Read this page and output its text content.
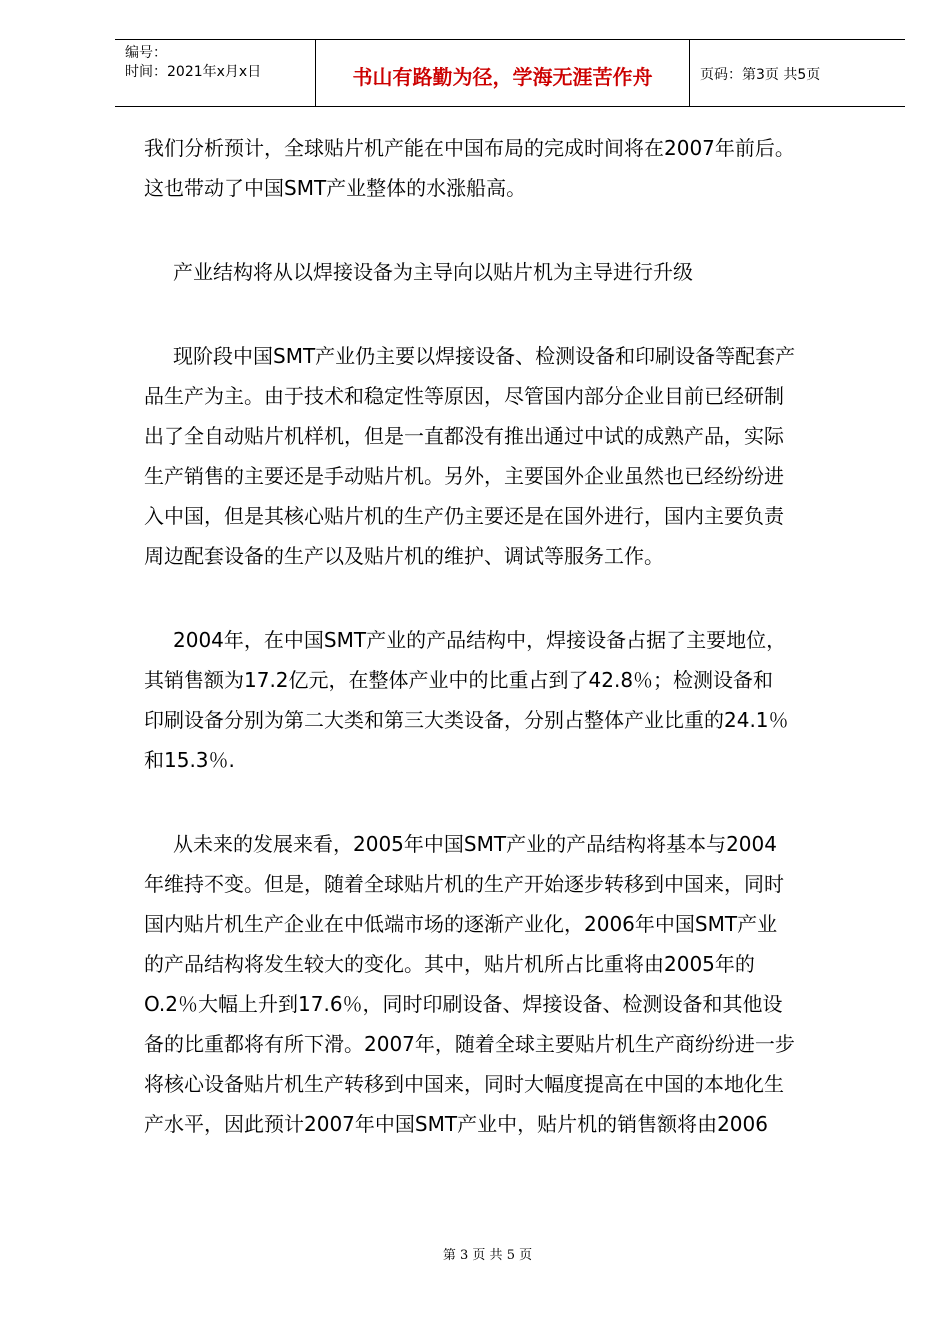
编号：
时间：2021年x月x日	书山有路勤为径，学海无涯苦作舟	页码：第3页 共5页
我们分析预计，全球贴片机产能在中国布局的完成时间将在2007年前后。
这也带动了中国SMT产业整体的水涨船高。
产业结构将从以焊接设备为主导向以贴片机为主导进行升级
现阶段中国SMT产业仍主要以焊接设备、检测设备和印刷设备等配套产
品生产为主。由于技术和稳定性等原因，尽管国内部分企业目前已经研制
出了全自动贴片机样机，但是一直都没有推出通过中试的成熟产品，实际
生产销售的主要还是手动贴片机。另外，主要国外企业虽然也已经纷纷进
入中国，但是其核心贴片机的生产仍主要还是在国外进行，国内主要负责
周边配套设备的生产以及贴片机的维护、调试等服务工作。
2004年，在中国SMT产业的产品结构中，焊接设备占据了主要地位，
其销售额为17.2亿元，在整体产业中的比重占到了42.8％；检测设备和
印刷设备分别为第二大类和第三大类设备，分别占整体产业比重的24.1％
和15.3％.
从未来的发展来看，2005年中国SMT产业的产品结构将基本与2004
年维持不变。但是，随着全球贴片机的生产开始逐步转移到中国来，同时
国内贴片机生产企业在中低端市场的逐渐产业化，2006年中国SMT产业
的产品结构将发生较大的变化。其中，贴片机所占比重将由2005年的
O.2％大幅上升到17.6％，同时印刷设备、焊接设备、检测设备和其他设
备的比重都将有所下滑。2007年，随着全球主要贴片机生产商纷纷进一步
将核心设备贴片机生产转移到中国来，同时大幅度提高在中国的本地化生
产水平，因此预计2007年中国SMT产业中，贴片机的销售额将由2006
第 3 页 共 5 页
